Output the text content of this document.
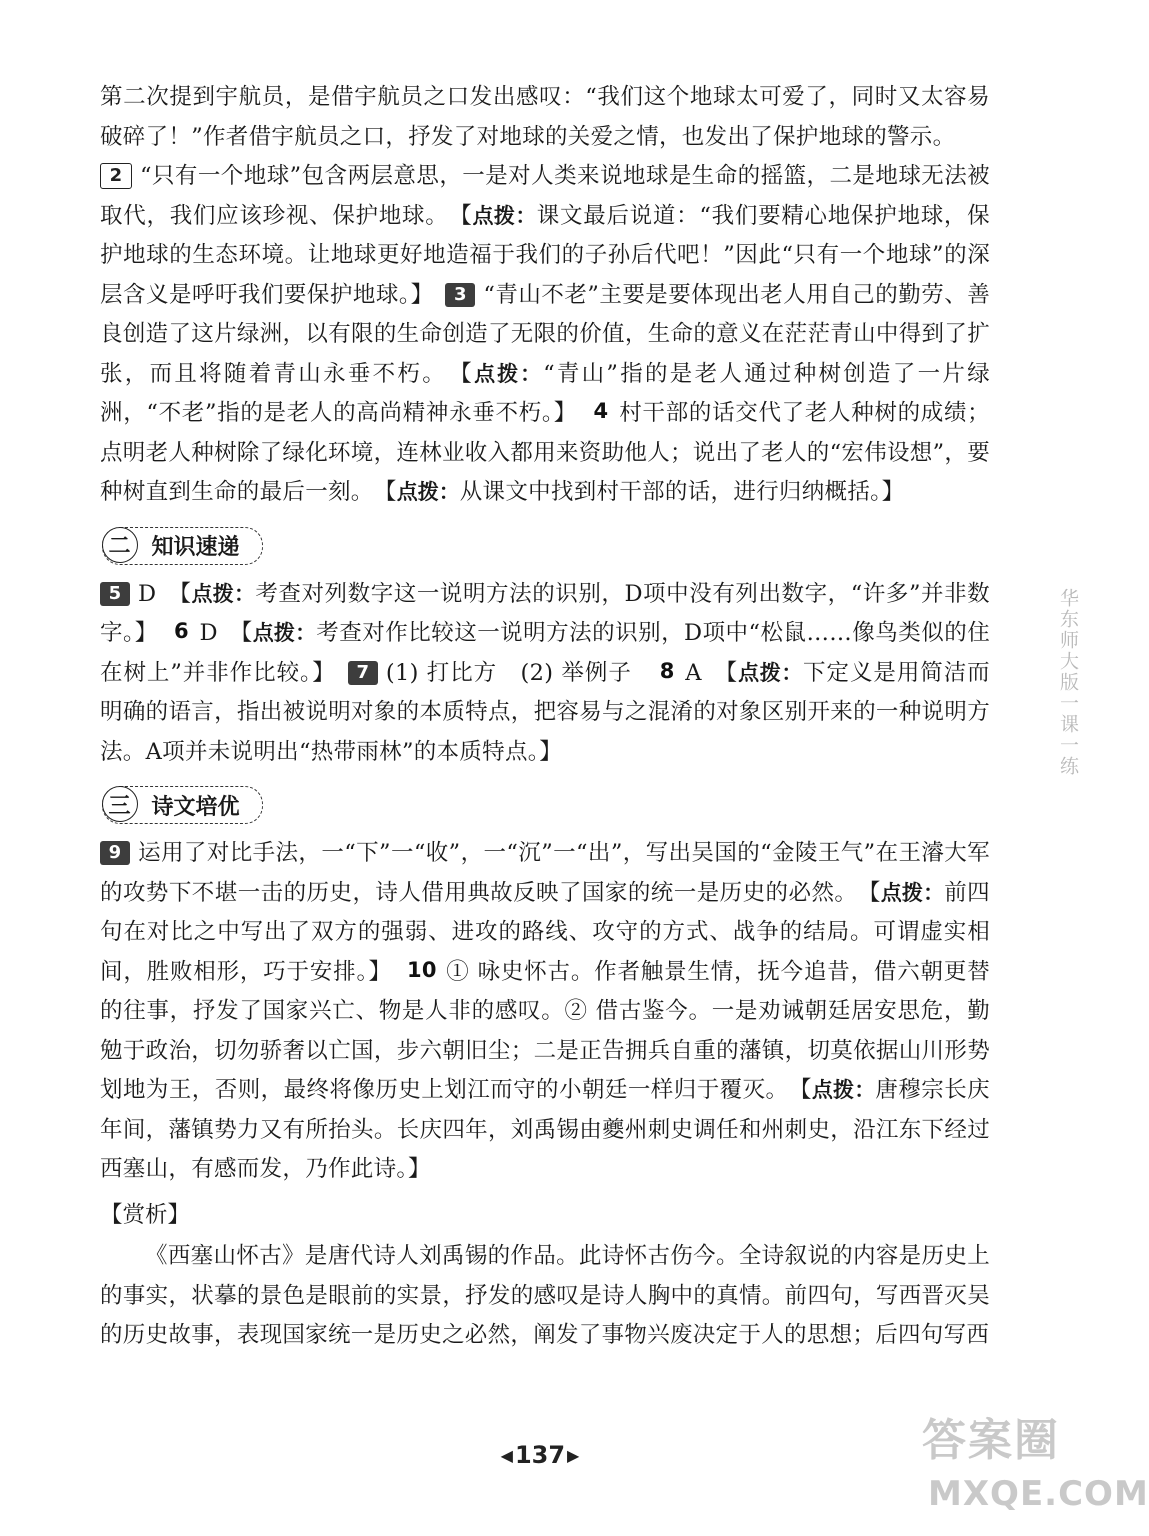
第二次提到宇航员，是借宇航员之口发出感叹：“我们这个地球太可爱了，同时又太容易破碎了！”作者借宇航员之口，抒发了对地球的关爱之情，也发出了保护地球的警示。

2 “只有一个地球”包含两层意思，一是对人类来说地球是生命的摇篮，二是地球无法被取代，我们应该珍视、保护地球。　 【点拨：课文最后说道：“我们要精心地保护地球，保护地球的生态环境。让地球更好地造福于我们的子孙后代吧！”因此“只有一个地球”的深层含义是呼吁我们要保护地球。】　 3 “青山不老”主要是要体现出老人用自己的勤劳、善良创造了这片绿洲，以有限的生命创造了无限的价值，生命的意义在茫茫青山中得到了扩张，而且将随着青山永垂不朽。　 【点拨：“青山”指的是老人通过种树创造了一片绿洲，“不老”指的是老人的高尚精神永垂不朽。】　 4 村干部的话交代了老人种树的成绩；点明老人种树除了绿化环境，连林业收入都用来资助他人；说出了老人的“宏伟设想”，要种树直到生命的最后一刻。　 【点拨：从课文中找到村干部的话，进行归纳概括。】

二 知识速递

5 D　 【点拨：考查对列数字这一说明方法的识别，D项中没有列出数字，“许多”并非数字。】　 6 D　 【点拨：考查对作比较这一说明方法的识别，D项中“松鼠……像鸟类似的住在树上”并非作比较。】　 7 (1) 打比方　(2) 举例子　 8 A　 【点拨：下定义是用简洁而明确的语言，指出被说明对象的本质特点，把容易与之混淆的对象区别开来的一种说明方法。A项并未说明出“热带雨林”的本质特点。】

三 诗文培优

9 运用了对比手法，一“下”一“收”，一“沉”一“出”，写出吴国的“金陵王气”在王濬大军的攻势下不堪一击的历史，诗人借用典故反映了国家的统一是历史的必然。　 【点拨：前四句在对比之中写出了双方的强弱、进攻的路线、攻守的方式、战争的结局。可谓虚实相间，胜败相形，巧于安排。】　 10 ① 咏史怀古。作者触景生情，抚今追昔，借六朝更替的往事，抒发了国家兴亡、物是人非的感叹。② 借古鉴今。一是劝诫朝廷居安思危，勤勉于政治，切勿骄奢以亡国，步六朝旧尘；二是正告拥兵自重的藩镇，切莫依据山川形势划地为王，否则，最终将像历史上划江而守的小朝廷一样归于覆灭。　 【点拨：唐穆宗长庆年间，藩镇势力又有所抬头。长庆四年，刘禹锡由夔州刺史调任和州刺史，沿江东下经过西塞山，有感而发，乃作此诗。】

【赏析】

《西塞山怀古》是唐代诗人刘禹锡的作品。此诗怀古伤今。全诗叙说的内容是历史上的事实，状摹的景色是眼前的实景，抒发的感叹是诗人胸中的真情。前四句，写西晋灭吴的历史故事，表现国家统一是历史之必然，阐发了事物兴废决定于人的思想；后四句写西

华东师大版一课一练
◀137 ▶	答案圈
MXQE.COM
